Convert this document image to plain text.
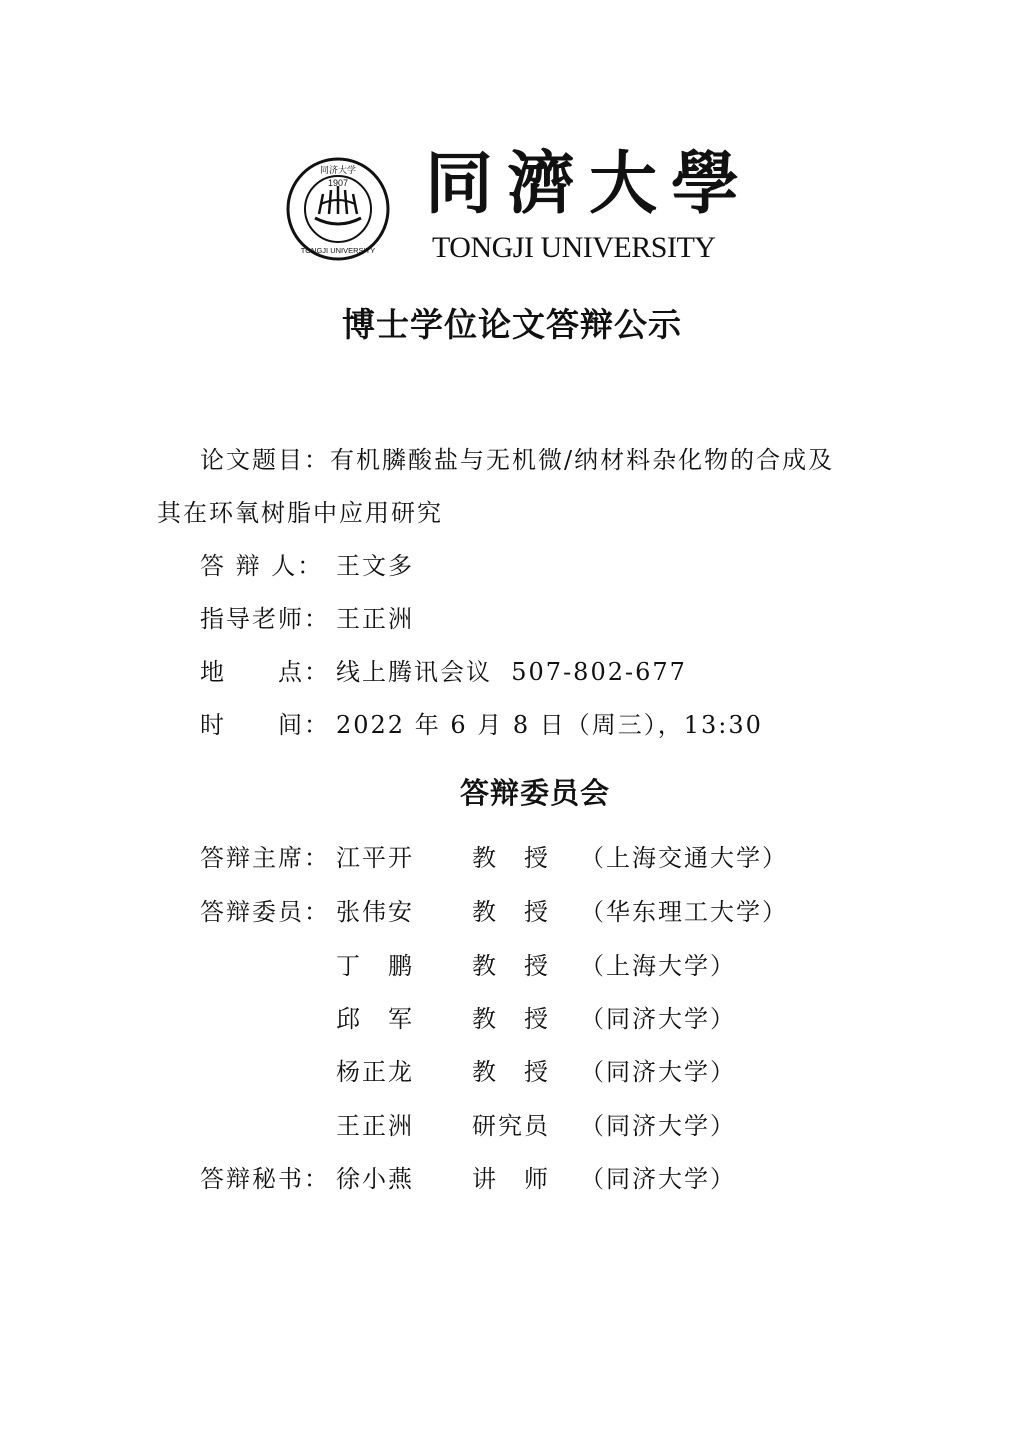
1907
同济大学
TONGJI UNIVERSITY
同濟大學
TONGJI UNIVERSITY
博士学位论文答辩公示
论文题目：有机膦酸盐与无机微/纳材料杂化物的合成及
其在环氧树脂中应用研究
答 辩 人： 王文多
指导老师： 王正洲
地　　点： 线上腾讯会议  507-802-677
时　　间： 2022 年 6 月 8 日（周三），13:30
答辩委员会
答辩主席： 江平开	教　授	（上海交通大学）
答辩委员： 张伟安	教　授	（华东理工大学）
丁　鹏	教　授	（上海大学）
邱　军	教　授	（同济大学）
杨正龙	教　授	（同济大学）
王正洲	研究员	（同济大学）
答辩秘书： 徐小燕	讲　师	（同济大学）
